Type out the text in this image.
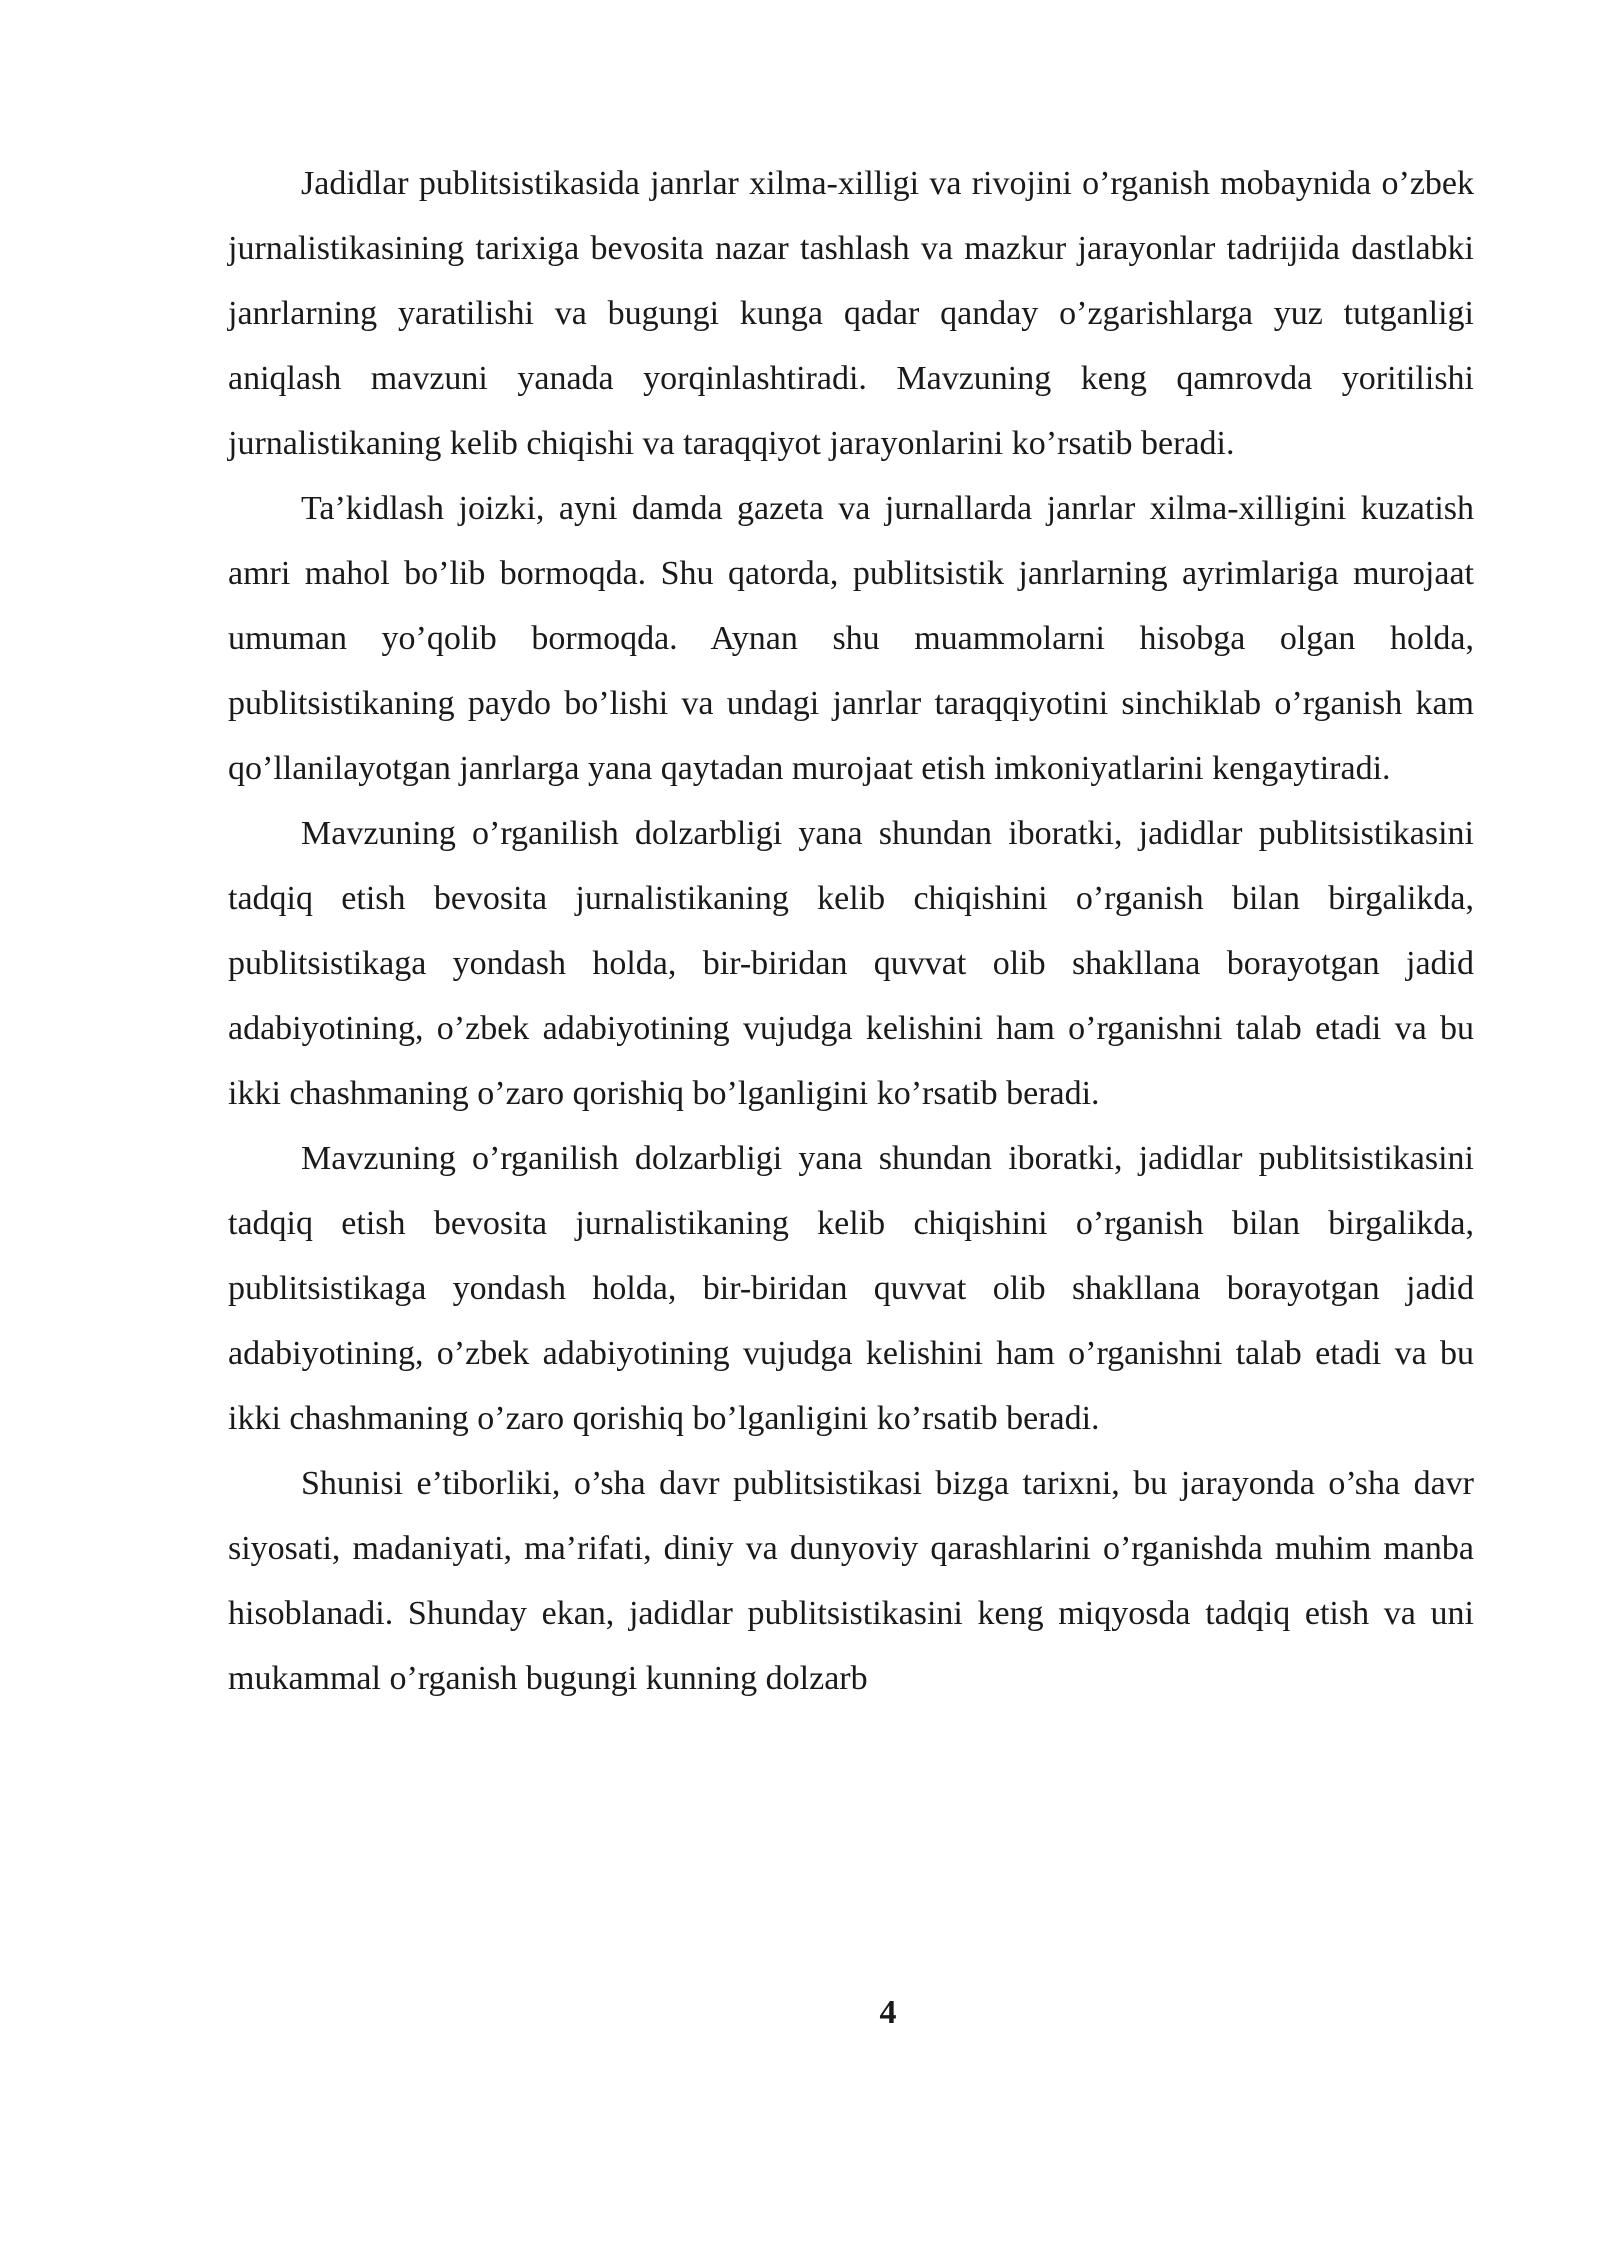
Jadidlar publitsistikasida janrlar xilma-xilligi va rivojini o’rganish mobaynida o’zbek jurnalistikasining tarixiga bevosita nazar tashlash va mazkur jarayonlar tadrijida dastlabki janrlarning yaratilishi va bugungi kunga qadar qanday o’zgarishlarga yuz tutganligi aniqlash mavzuni yanada yorqinlashtiradi. Mavzuning keng qamrovda yoritilishi jurnalistikaning kelib chiqishi va taraqqiyot jarayonlarini ko’rsatib beradi.

Ta’kidlash joizki, ayni damda gazeta va jurnallarda janrlar xilma-xilligini kuzatish amri mahol bo’lib bormoqda. Shu qatorda, publitsistik janrlarning ayrimlariga murojaat umuman yo’qolib bormoqda. Aynan shu muammolarni hisobga olgan holda, publitsistikaning paydo bo’lishi va undagi janrlar taraqqiyotini sinchiklab o’rganish kam qo’llanilayotgan janrlarga yana qaytadan murojaat etish imkoniyatlarini kengaytiradi.

Mavzuning o’rganilish dolzarbligi yana shundan iboratki, jadidlar publitsistikasini tadqiq etish bevosita jurnalistikaning kelib chiqishini o’rganish bilan birgalikda, publitsistikaga yondash holda, bir-biridan quvvat olib shakllana borayotgan jadid adabiyotining, o’zbek adabiyotining vujudga kelishini ham o’rganishni talab etadi va bu ikki chashmaning o’zaro qorishiq bo’lganligini ko’rsatib beradi.

Mavzuning o’rganilish dolzarbligi yana shundan iboratki, jadidlar publitsistikasini tadqiq etish bevosita jurnalistikaning kelib chiqishini o’rganish bilan birgalikda, publitsistikaga yondash holda, bir-biridan quvvat olib shakllana borayotgan jadid adabiyotining, o’zbek adabiyotining vujudga kelishini ham o’rganishni talab etadi va bu ikki chashmaning o’zaro qorishiq bo’lganligini ko’rsatib beradi.

Shunisi e’tiborliki, o’sha davr publitsistikasi bizga tarixni, bu jarayonda o’sha davr siyosati, madaniyati, ma’rifati, diniy va dunyoviy qarashlarini o’rganishda muhim manba hisoblanadi. Shunday ekan, jadidlar publitsistikasini keng miqyosda tadqiq etish va uni mukammal o’rganish bugungi kunning dolzarb

4
